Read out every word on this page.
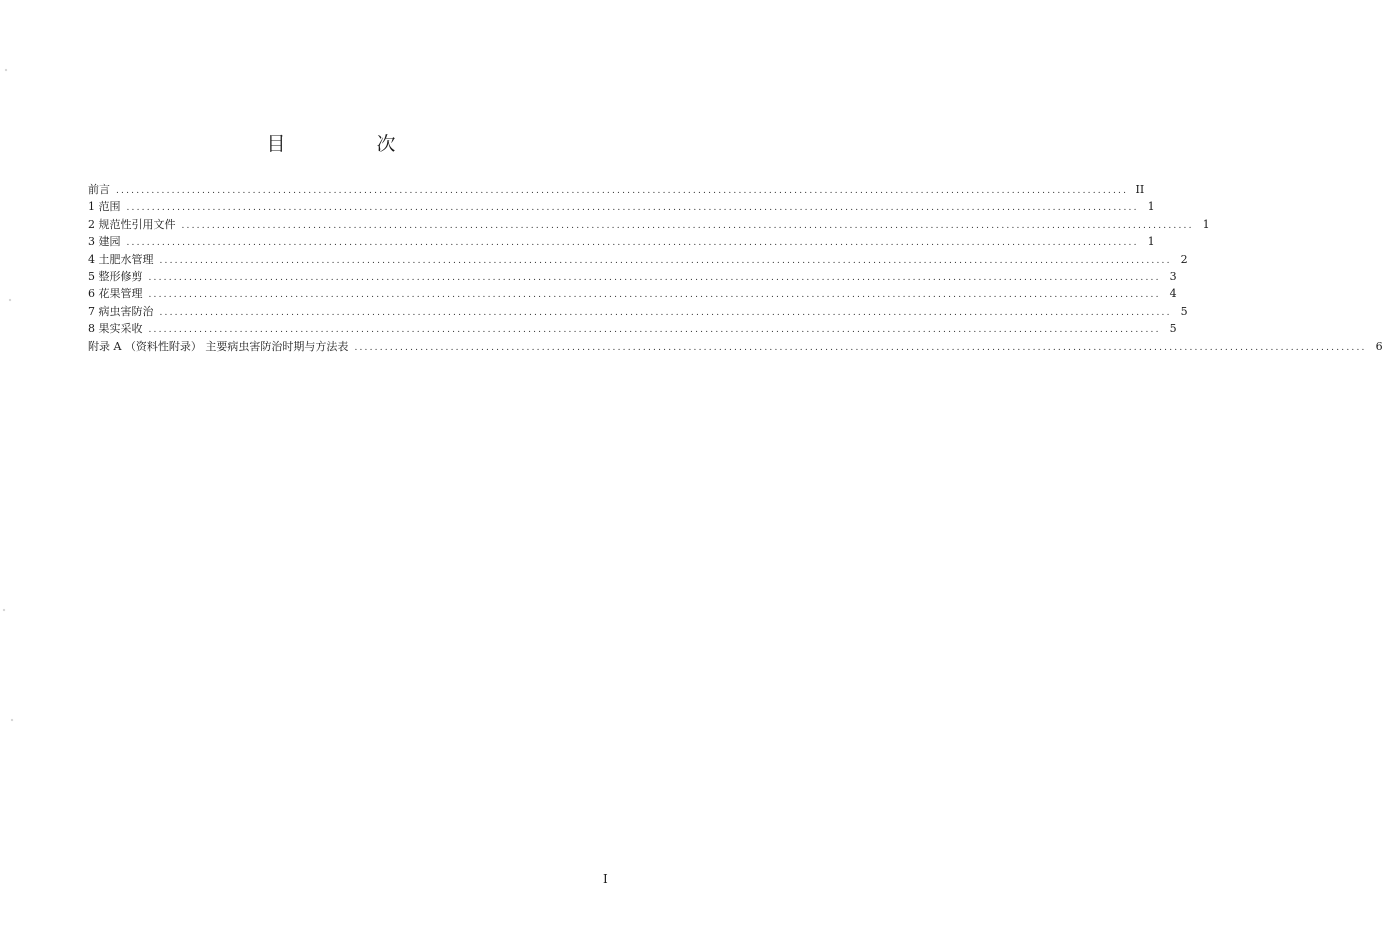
目　次
前言 ........................................................................................................................................................................................................ II
1 范围 ........................................................................................................................................................................................................ 1
2 规范性引用文件 ........................................................................................................................................................................................................ 1
3 建园 ........................................................................................................................................................................................................ 1
4 土肥水管理 ........................................................................................................................................................................................................ 2
5 整形修剪 ........................................................................................................................................................................................................ 3
6 花果管理 ........................................................................................................................................................................................................ 4
7 病虫害防治 ........................................................................................................................................................................................................ 5
8 果实采收 ........................................................................................................................................................................................................ 5
附录 A （资料性附录） 主要病虫害防治时期与方法表 ........................................................................................................................................................................................................ 6
I
